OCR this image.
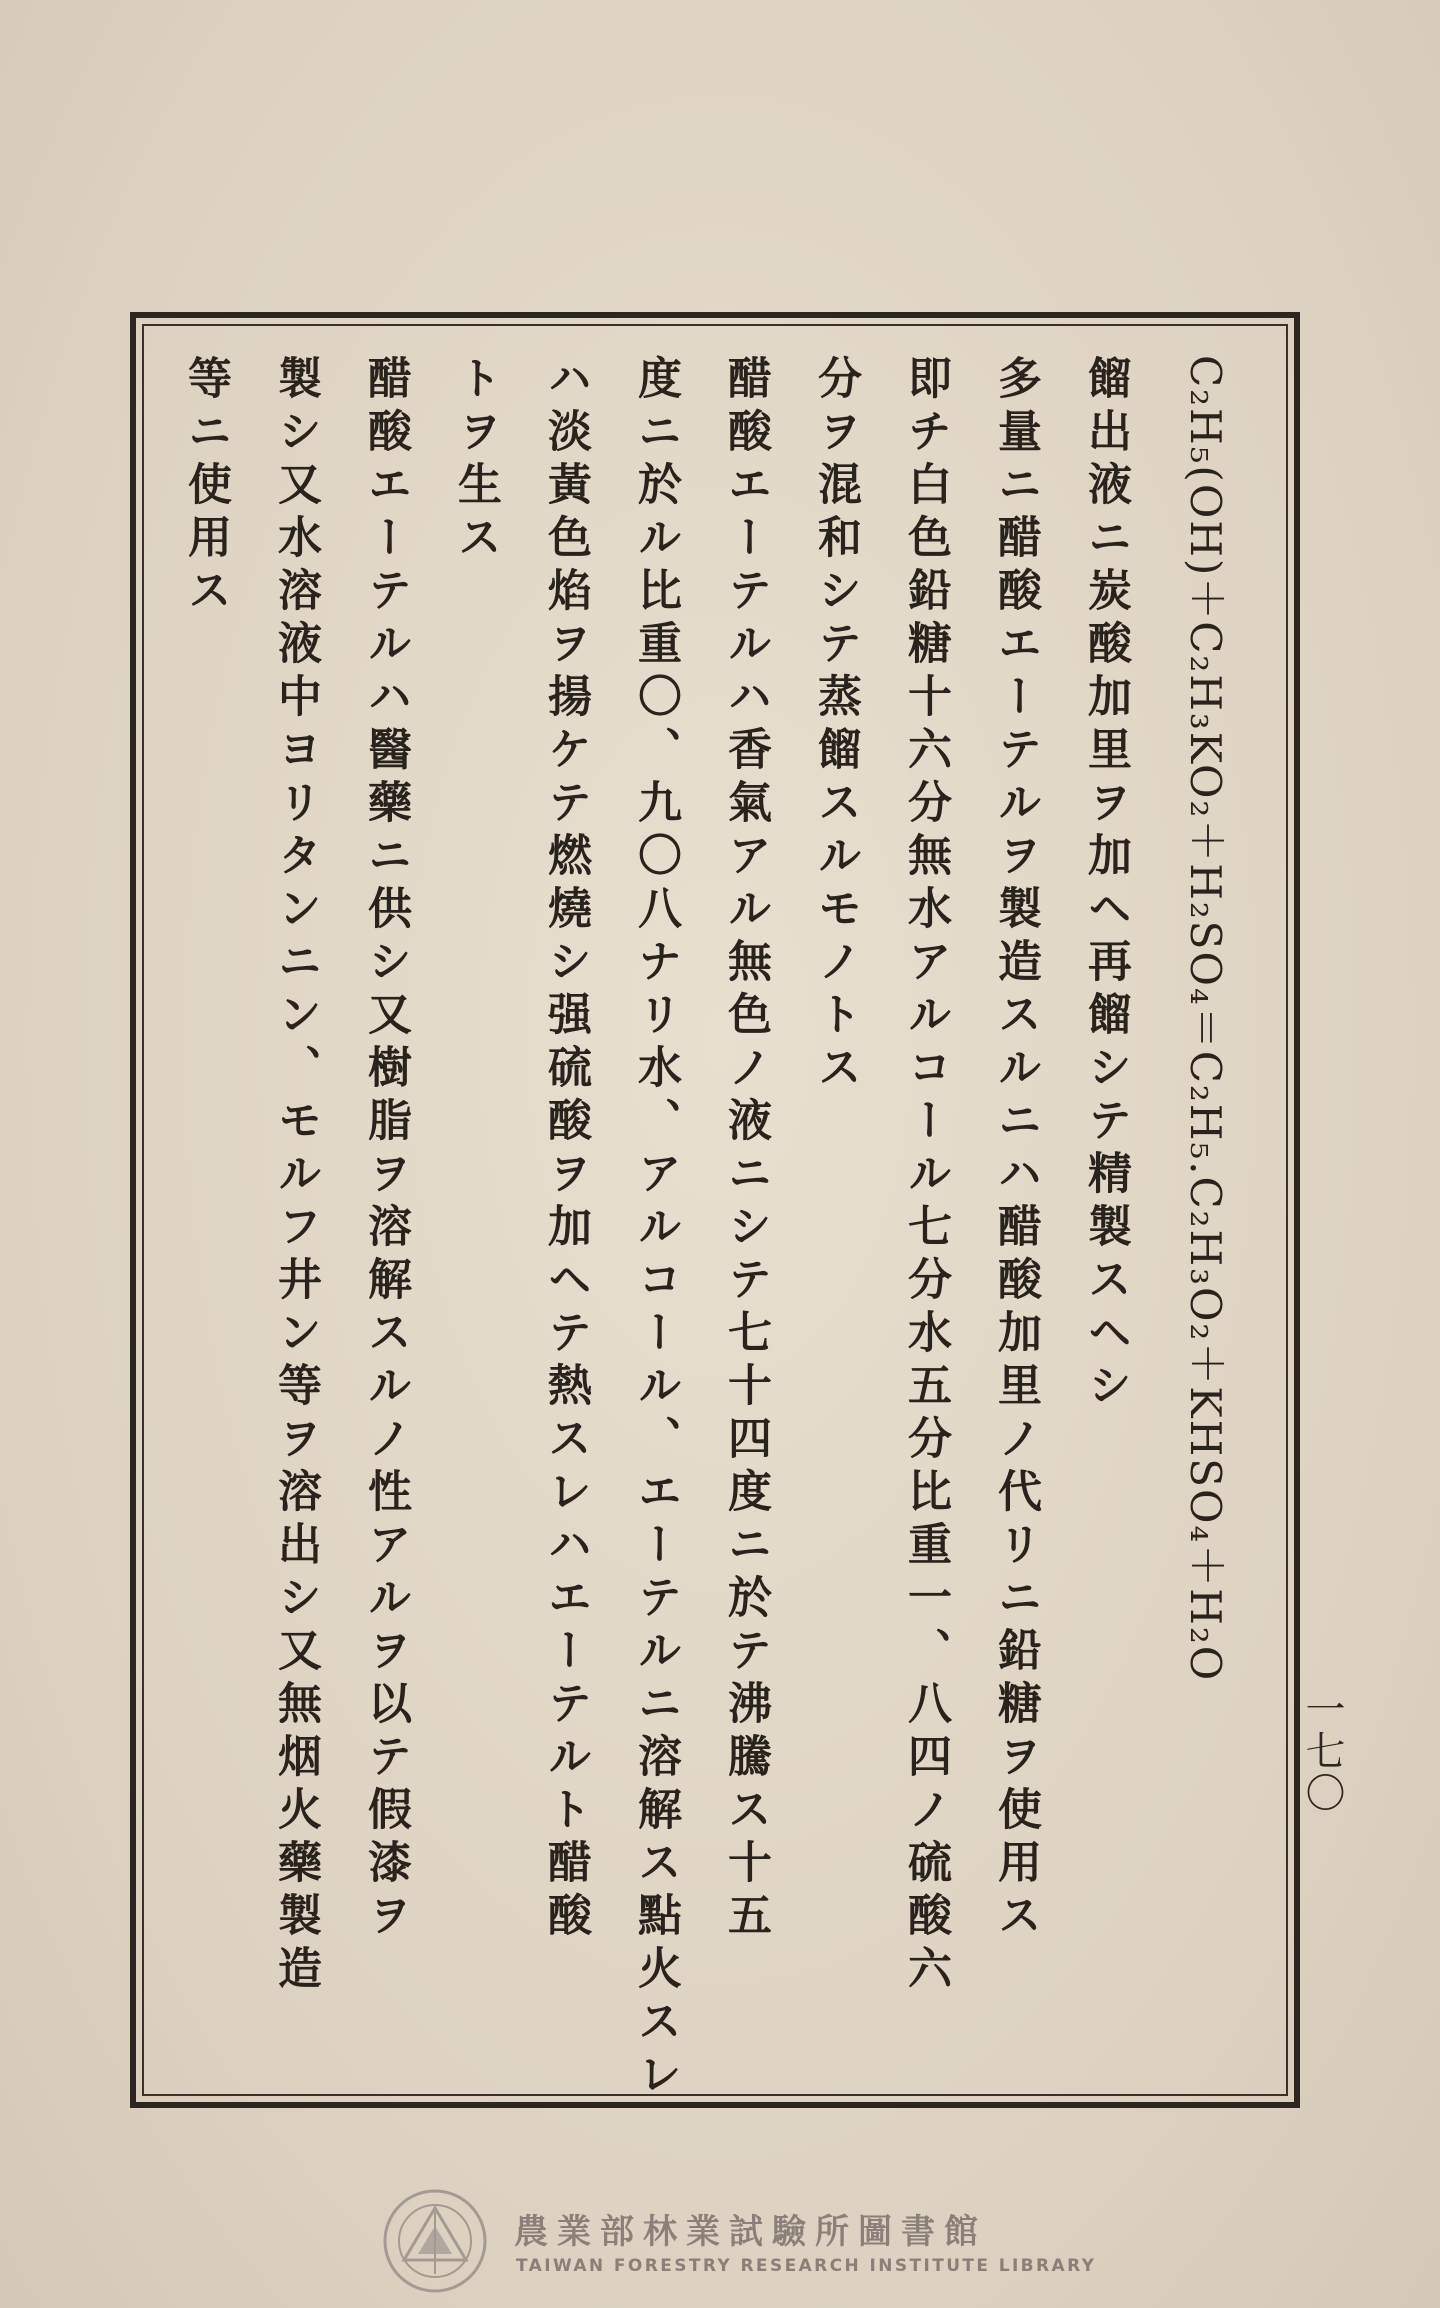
一七〇
C₂H₅(OH)＋C₂H₃KO₂＋H₂SO₄＝C₂H₅.C₂H₃O₂＋KHSO₄＋H₂O
餾出液ニ炭酸加里ヲ加ヘ再餾シテ精製スヘシ
多量ニ醋酸エーテルヲ製造スルニハ醋酸加里ノ代リニ鉛糖ヲ使用ス
即チ白色鉛糖十六分無水アルコール七分水五分比重一、八四ノ硫酸六
分ヲ混和シテ蒸餾スルモノトス
醋酸エーテルハ香氣アル無色ノ液ニシテ七十四度ニ於テ沸騰ス十五
度ニ於ル比重〇、九〇八ナリ水、アルコール、エーテルニ溶解ス點火スレ
ハ淡黃色焰ヲ揚ケテ燃燒シ强硫酸ヲ加ヘテ熱スレハエーテルト醋酸
トヲ生ス
醋酸エーテルハ醫藥ニ供シ又樹脂ヲ溶解スルノ性アルヲ以テ假漆ヲ
製シ又水溶液中ヨリタンニン、モルフ井ン等ヲ溶出シ又無烟火藥製造
等ニ使用ス
農業部林業試驗所圖書館
TAIWAN FORESTRY RESEARCH INSTITUTE LIBRARY
